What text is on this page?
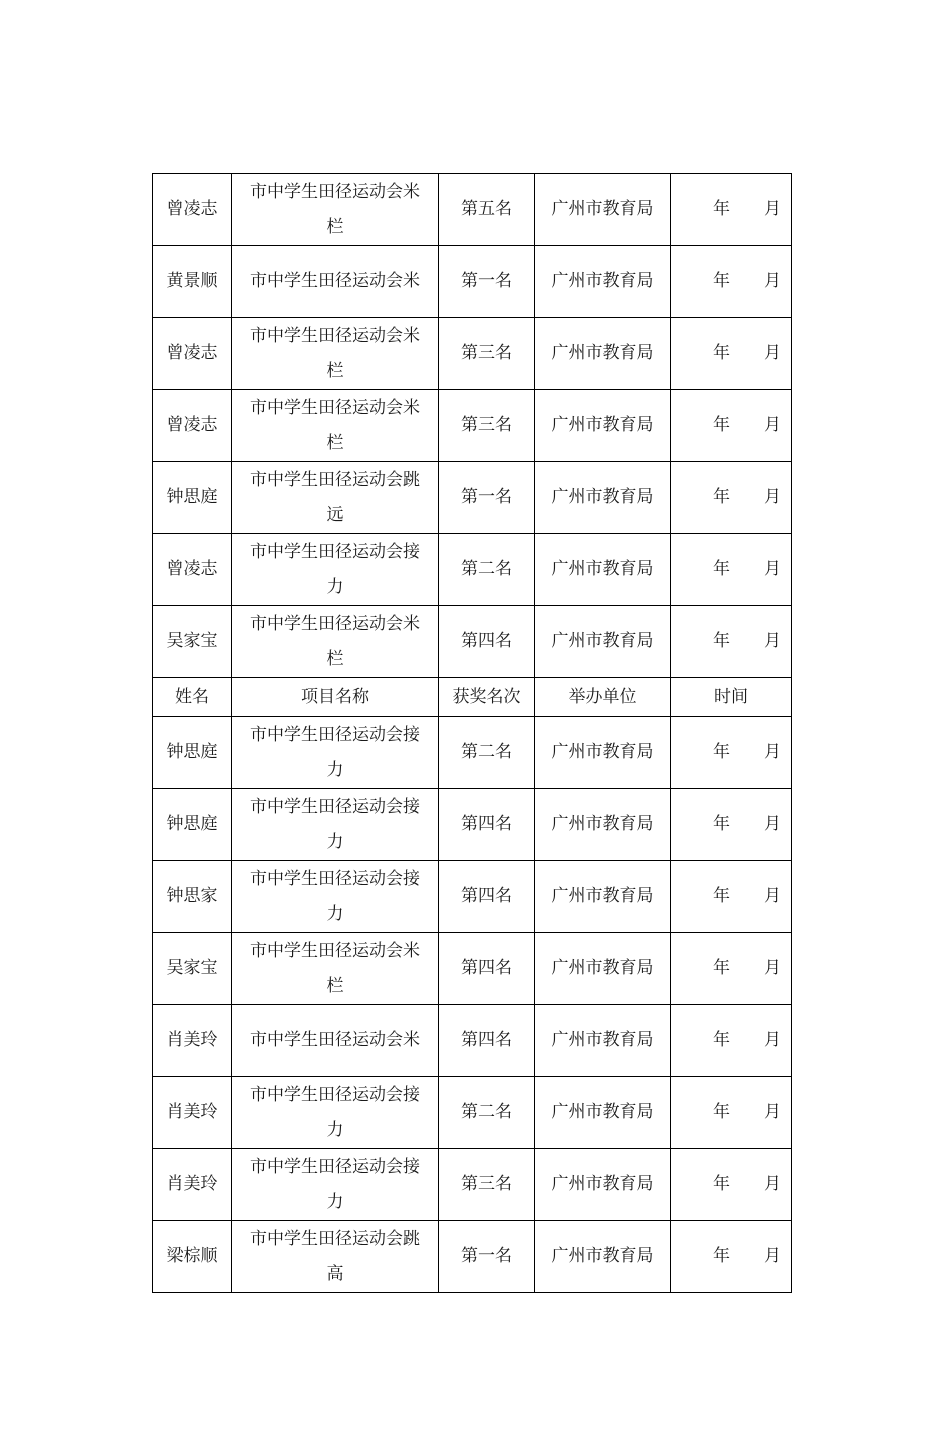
曾凌志	市中学生田径运动会米栏	第五名	广州市教育局	年 月
黄景顺	市中学生田径运动会米	第一名	广州市教育局	年 月
曾凌志	市中学生田径运动会米栏	第三名	广州市教育局	年 月
曾凌志	市中学生田径运动会米栏	第三名	广州市教育局	年 月
钟思庭	市中学生田径运动会跳远	第一名	广州市教育局	年 月
曾凌志	市中学生田径运动会接力	第二名	广州市教育局	年 月
吴家宝	市中学生田径运动会米栏	第四名	广州市教育局	年 月
姓名	项目名称	获奖名次	举办单位	时间
钟思庭	市中学生田径运动会接力	第二名	广州市教育局	年 月
钟思庭	市中学生田径运动会接力	第四名	广州市教育局	年 月
钟思家	市中学生田径运动会接力	第四名	广州市教育局	年 月
吴家宝	市中学生田径运动会米栏	第四名	广州市教育局	年 月
肖美玲	市中学生田径运动会米	第四名	广州市教育局	年 月
肖美玲	市中学生田径运动会接力	第二名	广州市教育局	年 月
肖美玲	市中学生田径运动会接力	第三名	广州市教育局	年 月
梁棕顺	市中学生田径运动会跳高	第一名	广州市教育局	年 月
